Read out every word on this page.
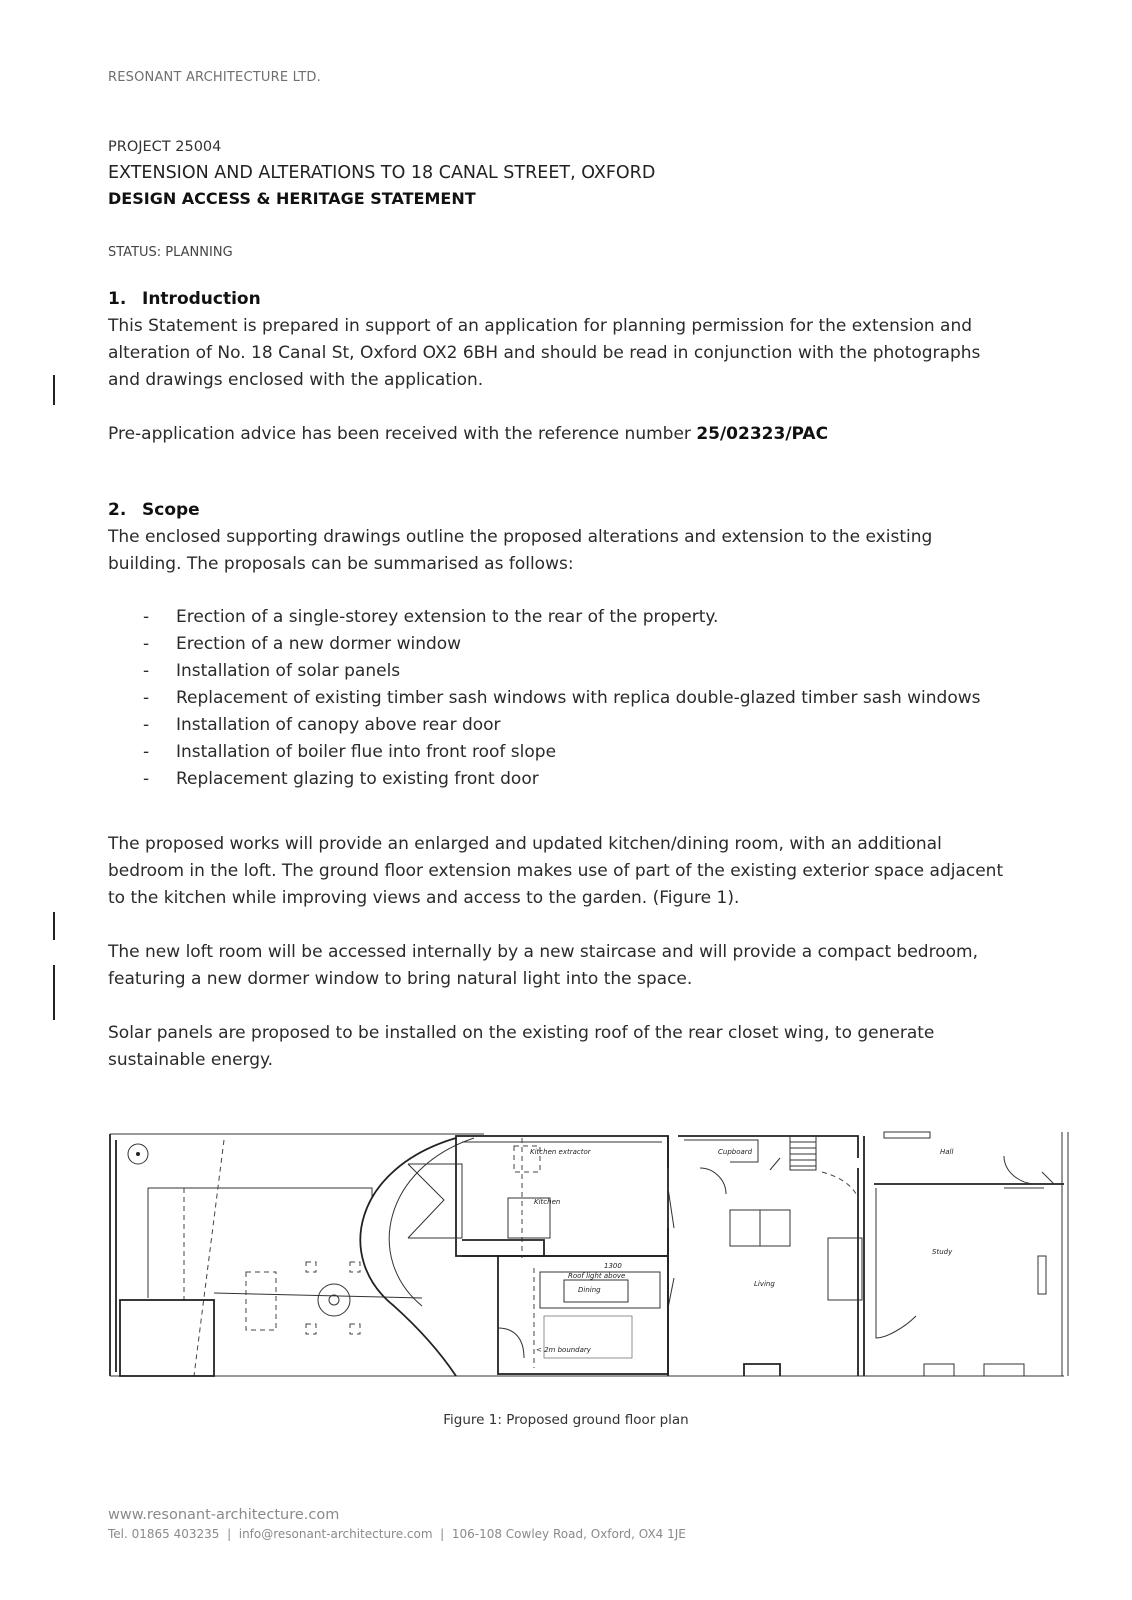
RESONANT ARCHITECTURE LTD.
PROJECT 25004
EXTENSION AND ALTERATIONS TO 18 CANAL STREET, OXFORD
DESIGN ACCESS & HERITAGE STATEMENT
STATUS: PLANNING
1. Introduction
This Statement is prepared in support of an application for planning permission for the extension and alteration of No. 18 Canal St, Oxford OX2 6BH and should be read in conjunction with the photographs and drawings enclosed with the application.
Pre-application advice has been received with the reference number 25/02323/PAC
2. Scope
The enclosed supporting drawings outline the proposed alterations and extension to the existing building. The proposals can be summarised as follows:
- Erection of a single-storey extension to the rear of the property.
- Erection of a new dormer window
- Installation of solar panels
- Replacement of existing timber sash windows with replica double-glazed timber sash windows
- Installation of canopy above rear door
- Installation of boiler flue into front roof slope
- Replacement glazing to existing front door
The proposed works will provide an enlarged and updated kitchen/dining room, with an additional bedroom in the loft. The ground floor extension makes use of part of the existing exterior space adjacent to the kitchen while improving views and access to the garden. (Figure 1).
The new loft room will be accessed internally by a new staircase and will provide a compact bedroom, featuring a new dormer window to bring natural light into the space.
Solar panels are proposed to be installed on the existing roof of the rear closet wing, to generate sustainable energy.
Cupboard	Hall
Kitchen extractor
Kitchen
Dining
Roof light above
1300
< 2m boundary
Living
Study
Figure 1: Proposed ground floor plan
www.resonant-architecture.com
Tel. 01865 403235  |  info@resonant-architecture.com  |  106-108 Cowley Road, Oxford, OX4 1JE
